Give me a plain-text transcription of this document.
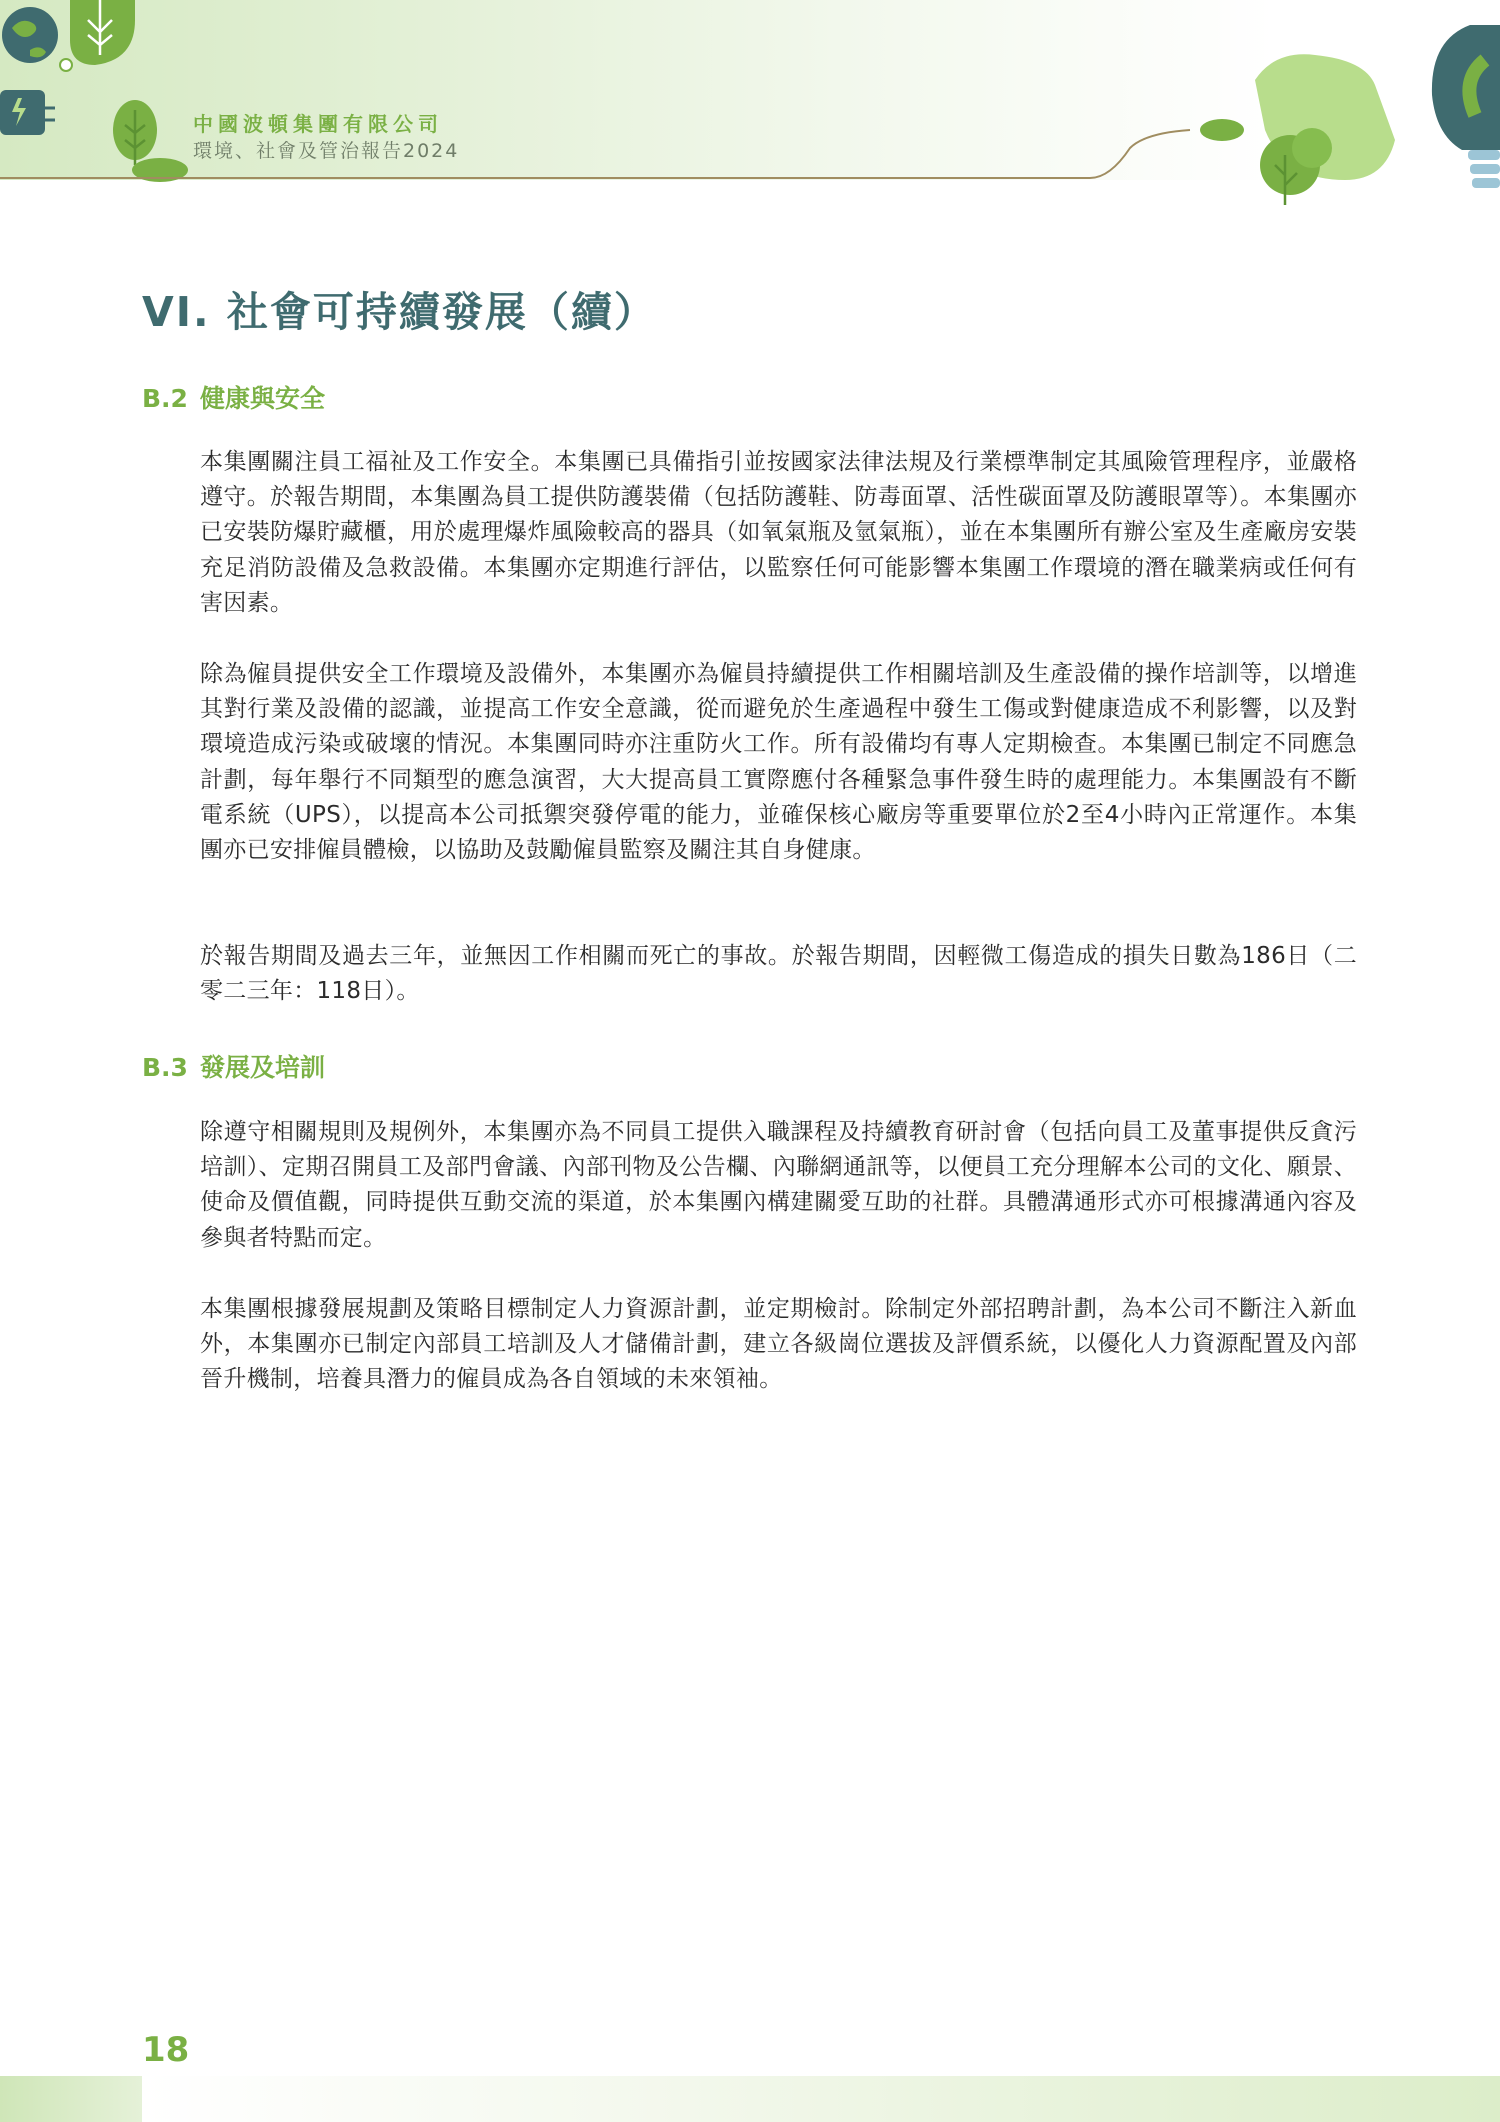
中國波頓集團有限公司
環境、社會及管治報告2024
VI. 社會可持續發展（續）
B.2 健康與安全

本集團關注員工福祉及工作安全。本集團已具備指引並按國家法律法規及行業標準制定其風險管理程序，並嚴格遵守。於報告期間，本集團為員工提供防護裝備（包括防護鞋、防毒面罩、活性碳面罩及防護眼罩等）。本集團亦已安裝防爆貯藏櫃，用於處理爆炸風險較高的器具（如氧氣瓶及氫氣瓶），並在本集團所有辦公室及生產廠房安裝充足消防設備及急救設備。本集團亦定期進行評估，以監察任何可能影響本集團工作環境的潛在職業病或任何有害因素。

除為僱員提供安全工作環境及設備外，本集團亦為僱員持續提供工作相關培訓及生產設備的操作培訓等，以增進其對行業及設備的認識，並提高工作安全意識，從而避免於生產過程中發生工傷或對健康造成不利影響，以及對環境造成污染或破壞的情況。本集團同時亦注重防火工作。所有設備均有專人定期檢查。本集團已制定不同應急計劃，每年舉行不同類型的應急演習，大大提高員工實際應付各種緊急事件發生時的處理能力。本集團設有不斷電系統（UPS），以提高本公司抵禦突發停電的能力，並確保核心廠房等重要單位於2至4小時內正常運作。本集團亦已安排僱員體檢，以協助及鼓勵僱員監察及關注其自身健康。

於報告期間及過去三年，並無因工作相關而死亡的事故。於報告期間，因輕微工傷造成的損失日數為186日（二零二三年：118日）。

B.3 發展及培訓

除遵守相關規則及規例外，本集團亦為不同員工提供入職課程及持續教育研討會（包括向員工及董事提供反貪污培訓）、定期召開員工及部門會議、內部刊物及公告欄、內聯網通訊等，以便員工充分理解本公司的文化、願景、使命及價值觀，同時提供互動交流的渠道，於本集團內構建關愛互助的社群。具體溝通形式亦可根據溝通內容及參與者特點而定。

本集團根據發展規劃及策略目標制定人力資源計劃，並定期檢討。除制定外部招聘計劃，為本公司不斷注入新血外，本集團亦已制定內部員工培訓及人才儲備計劃，建立各級崗位選拔及評價系統，以優化人力資源配置及內部晉升機制，培養具潛力的僱員成為各自領域的未來領袖。

18
